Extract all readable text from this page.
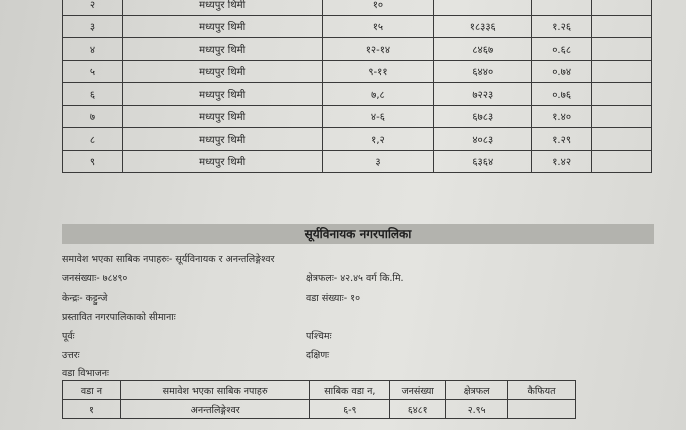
२	मध्यपुर थिमी	१०			
३	मध्यपुर थिमी	१५	१८३३६	१.२६	
४	मध्यपुर थिमी	१२-१४	८४६७	०.६८	
५	मध्यपुर थिमी	९-११	६४४०	०.७४	
६	मध्यपुर थिमी	७,८	७२२३	०.७६	
७	मध्यपुर थिमी	४-६	६७८३	१.४०	
८	मध्यपुर थिमी	१,२	४०८३	१.२९	
९	मध्यपुर थिमी	३	६३६४	१.४२	
सूर्यविनायक नगरपालिका
समावेश भएका साबिक नपाहरुः- सूर्यविनायक र अनन्तलिङ्गेश्वर
जनसंख्याः- ७८४९०	क्षेत्रफलः- ४२.४५ वर्ग कि.मि.
केन्द्रः- कट्टुन्जे	वडा संख्याः- १०
प्रस्तावित नगरपालिकाको सीमानाः
पूर्वः	पश्चिमः
उत्तरः	दक्षिणः
वडा विभाजनः
वडा न	समावेश भएका साबिक नपाहरु	साबिक वडा न,	जनसंख्या	क्षेत्रफल	कैफियत
१	अनन्तलिङ्गेश्वर	६-९	६४८१	२.९५	
